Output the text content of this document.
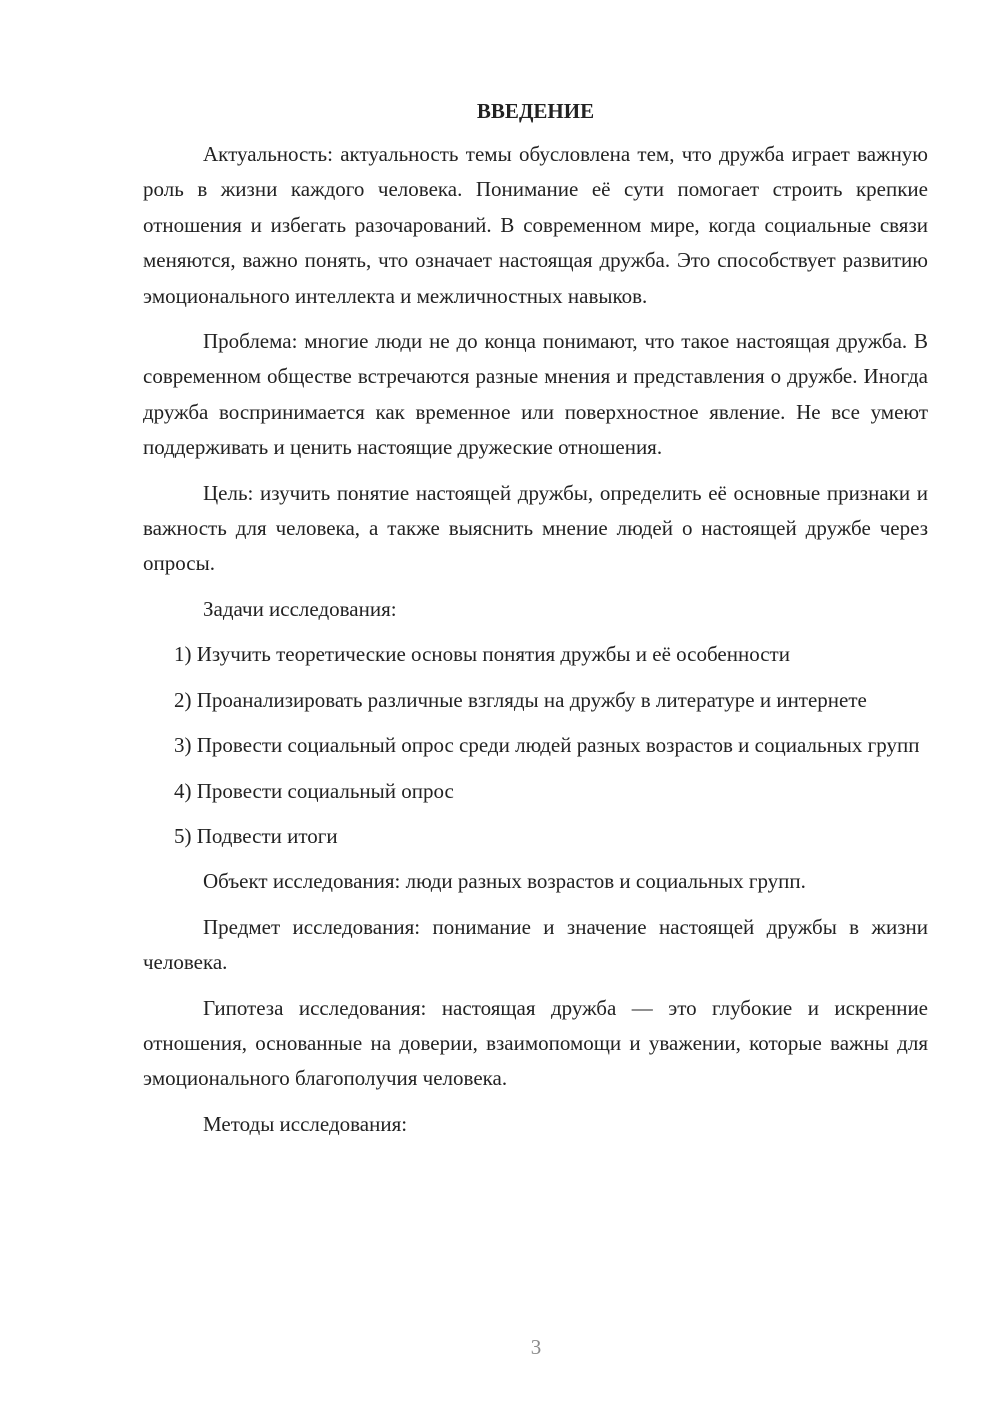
ВВЕДЕНИЕ

Актуальность: актуальность темы обусловлена тем, что дружба играет важную роль в жизни каждого человека. Понимание её сути помогает строить крепкие отношения и избегать разочарований. В современном мире, когда социальные связи меняются, важно понять, что означает настоящая дружба. Это способствует развитию эмоционального интеллекта и межличностных навыков.

Проблема: многие люди не до конца понимают, что такое настоящая дружба. В современном обществе встречаются разные мнения и представления о дружбе. Иногда дружба воспринимается как временное или поверхностное явление. Не все умеют поддерживать и ценить настоящие дружеские отношения.

Цель: изучить понятие настоящей дружбы, определить её основные признаки и важность для человека, а также выяснить мнение людей о настоящей дружбе через опросы.

Задачи исследования:

1) Изучить теоретические основы понятия дружбы и её особенности

2) Проанализировать различные взгляды на дружбу в литературе и интернете

3) Провести социальный опрос среди людей разных возрастов и социальных групп

4) Провести социальный опрос

5) Подвести итоги

Объект исследования: люди разных возрастов и социальных групп.

Предмет исследования: понимание и значение настоящей дружбы в жизни человека.

Гипотеза исследования: настоящая дружба — это глубокие и искренние отношения, основанные на доверии, взаимопомощи и уважении, которые важны для эмоционального благополучия человека.

Методы исследования:

3
